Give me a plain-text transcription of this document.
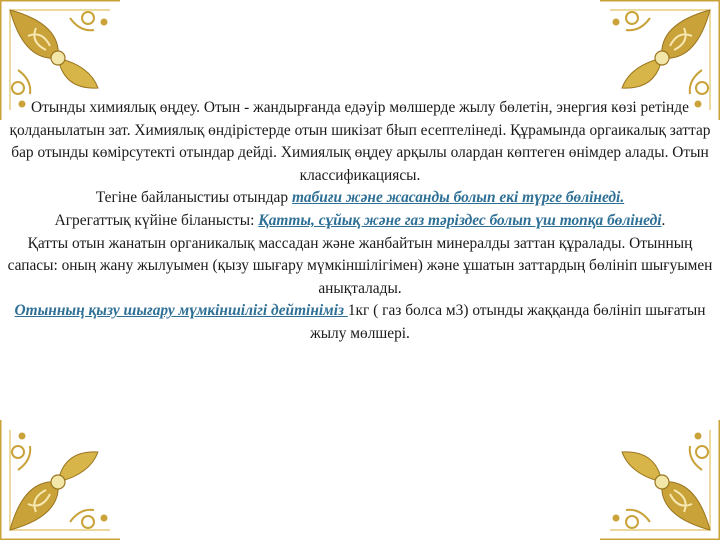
Отынды химиялық өңдеу. Отын - жандырғанда едәуір мөлшерде жылу бөлетін, энергия көзі ретінде қолданылатын зат. Химиялық өндірістерде отын шикізат бłып есептелінеді. Құрамында оргаикалық заттар бар отынды көмірсутекті отындар дейді. Химиялық өңдеу арқылы олардан көптеген өнімдер алады. Отын классификациясы.

Тегіне байланыстиы отындар табиғи және жасанды болып екі түрге бөлінеді.

Агрегаттық күйіне біланысты: Қатты, сұйық және газ тәріздес болып үш топқа бөлінеді.

Қатты отын жанатын органикалық массадан және жанбайтын минералды заттан құралады. Отынның сапасы: оның жану жылуымен (қызу шығару мүмкіншілігімен) және ұшатын заттардың бөлініп шығуымен анықталады.

Отынның қызу шығару мүмкіншілігі дейтініміз 1кг ( газ болса м3) отынды жаққанда бөлініп шығатын жылу мөлшері.
